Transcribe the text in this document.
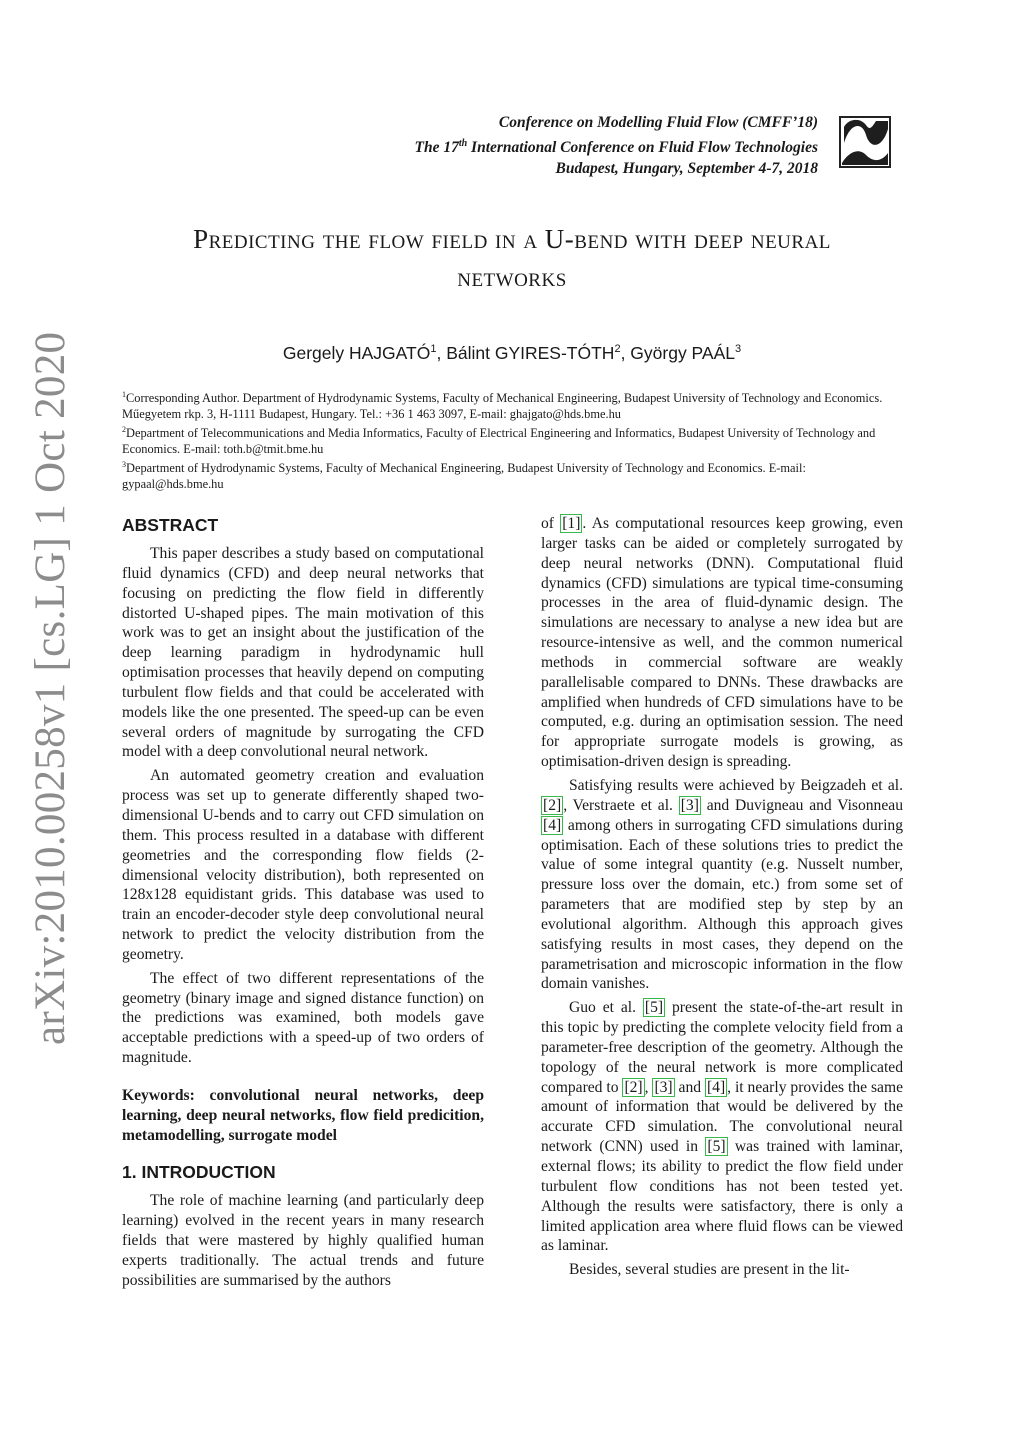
arXiv:2010.00258v1 [cs.LG] 1 Oct 2020
Conference on Modelling Fluid Flow (CMFF’18)
The 17th International Conference on Fluid Flow Technologies
Budapest, Hungary, September 4-7, 2018
Predicting the flow field in a U-bend with deep neural
networks
Gergely HAJGATÓ$^1$, Bálint GYIRES-TÓTH$^2$, György PAÁL$^3$
$^1$Corresponding Author. Department of Hydrodynamic Systems, Faculty of Mechanical Engineering, Budapest University of Technology and Economics. Műegyetem rkp. 3, H-1111 Budapest, Hungary. Tel.: +36 1 463 3097, E-mail: ghajgato@hds.bme.hu
$^2$Department of Telecommunications and Media Informatics, Faculty of Electrical Engineering and Informatics, Budapest University of Technology and Economics. E-mail: toth.b@tmit.bme.hu
$^3$Department of Hydrodynamic Systems, Faculty of Mechanical Engineering, Budapest University of Technology and Economics. E-mail: gypaal@hds.bme.hu
ABSTRACT

This paper describes a study based on computational fluid dynamics (CFD) and deep neural networks that focusing on predicting the flow field in differently distorted U-shaped pipes. The main motivation of this work was to get an insight about the justification of the deep learning paradigm in hydrodynamic hull optimisation processes that heavily depend on computing turbulent flow fields and that could be accelerated with models like the one presented. The speed-up can be even several orders of magnitude by surrogating the CFD model with a deep convolutional neural network.

An automated geometry creation and evaluation process was set up to generate differently shaped two-dimensional U-bends and to carry out CFD simulation on them. This process resulted in a database with different geometries and the corresponding flow fields (2-dimensional velocity distribution), both represented on 128x128 equidistant grids. This database was used to train an encoder-decoder style deep convolutional neural network to predict the velocity distribution from the geometry.

The effect of two different representations of the geometry (binary image and signed distance function) on the predictions was examined, both models gave acceptable predictions with a speed-up of two orders of magnitude.

Keywords: convolutional neural networks, deep learning, deep neural networks, flow field predicition, metamodelling, surrogate model

1. INTRODUCTION

The role of machine learning (and particularly deep learning) evolved in the recent years in many research fields that were mastered by highly qualified human experts traditionally. The actual trends and future possibilities are summarised by the authors

of [1] . As computational resources keep growing, even larger tasks can be aided or completely surrogated by deep neural networks (DNN). Computational fluid dynamics (CFD) simulations are typical time-consuming processes in the area of fluid-dynamic design. The simulations are necessary to analyse a new idea but are resource-intensive as well, and the common numerical methods in commercial software are weakly parallelisable compared to DNNs. These drawbacks are amplified when hundreds of CFD simulations have to be computed, e.g. during an optimisation session. The need for appropriate surrogate models is growing, as optimisation-driven design is spreading.

Satisfying results were achieved by Beigzadeh et al. [2] , Verstraete et al. [3] and Duvigneau and Visonneau [4] among others in surrogating CFD simulations during optimisation. Each of these solutions tries to predict the value of some integral quantity (e.g. Nusselt number, pressure loss over the domain, etc.) from some set of parameters that are modified step by step by an evolutional algorithm. Although this approach gives satisfying results in most cases, they depend on the parametrisation and microscopic information in the flow domain vanishes.

Guo et al. [5] present the state-of-the-art result in this topic by predicting the complete velocity field from a parameter-free description of the geometry. Although the topology of the neural network is more complicated compared to [2] , [3] and [4] , it nearly provides the same amount of information that would be delivered by the accurate CFD simulation. The convolutional neural network (CNN) used in [5] was trained with laminar, external flows; its ability to predict the flow field under turbulent flow conditions has not been tested yet. Although the results were satisfactory, there is only a limited application area where fluid flows can be viewed as laminar.

Besides, several studies are present in the lit-
